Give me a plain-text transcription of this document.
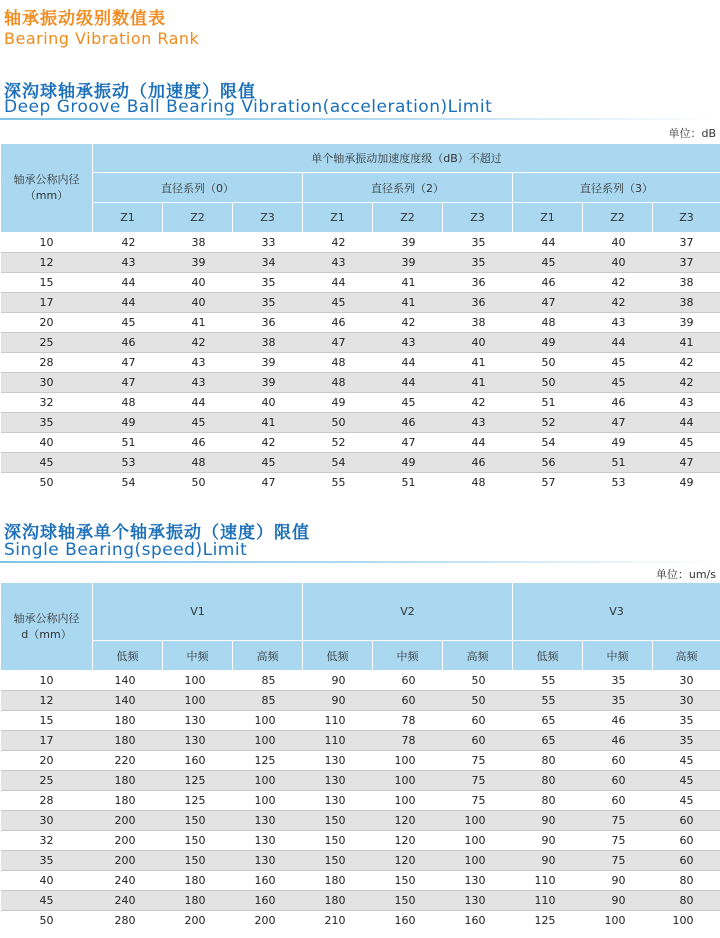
轴承振动级别数值表
Bearing Vibration Rank
深沟球轴承振动（加速度）限值
Deep Groove Ball Bearing Vibration(acceleration)Limit
单位：dB
轴承公称内径
（mm）	单个轴承振动加速度度级（dB）不超过								
	直径系列（0）			直径系列（2）			直径系列（3）		
	Z1	Z2	Z3	Z1	Z2	Z3	Z1	Z2	Z3
10	42	38	33	42	39	35	44	40	37
12	43	39	34	43	39	35	45	40	37
15	44	40	35	44	41	36	46	42	38
17	44	40	35	45	41	36	47	42	38
20	45	41	36	46	42	38	48	43	39
25	46	42	38	47	43	40	49	44	41
28	47	43	39	48	44	41	50	45	42
30	47	43	39	48	44	41	50	45	42
32	48	44	40	49	45	42	51	46	43
35	49	45	41	50	46	43	52	47	44
40	51	46	42	52	47	44	54	49	45
45	53	48	45	54	49	46	56	51	47
50	54	50	47	55	51	48	57	53	49
深沟球轴承单个轴承振动（速度）限值
Single Bearing(speed)Limit
单位：um/s
轴承公称内径
d（mm）	V1			V2			V3		
	低频	中频	高频	低频	中频	高频	低频	中频	高频
10	140	100	85	90	60	50	55	35	30
12	140	100	85	90	60	50	55	35	30
15	180	130	100	110	78	60	65	46	35
17	180	130	100	110	78	60	65	46	35
20	220	160	125	130	100	75	80	60	45
25	180	125	100	130	100	75	80	60	45
28	180	125	100	130	100	75	80	60	45
30	200	150	130	150	120	100	90	75	60
32	200	150	130	150	120	100	90	75	60
35	200	150	130	150	120	100	90	75	60
40	240	180	160	180	150	130	110	90	80
45	240	180	160	180	150	130	110	90	80
50	280	200	200	210	160	160	125	100	100
